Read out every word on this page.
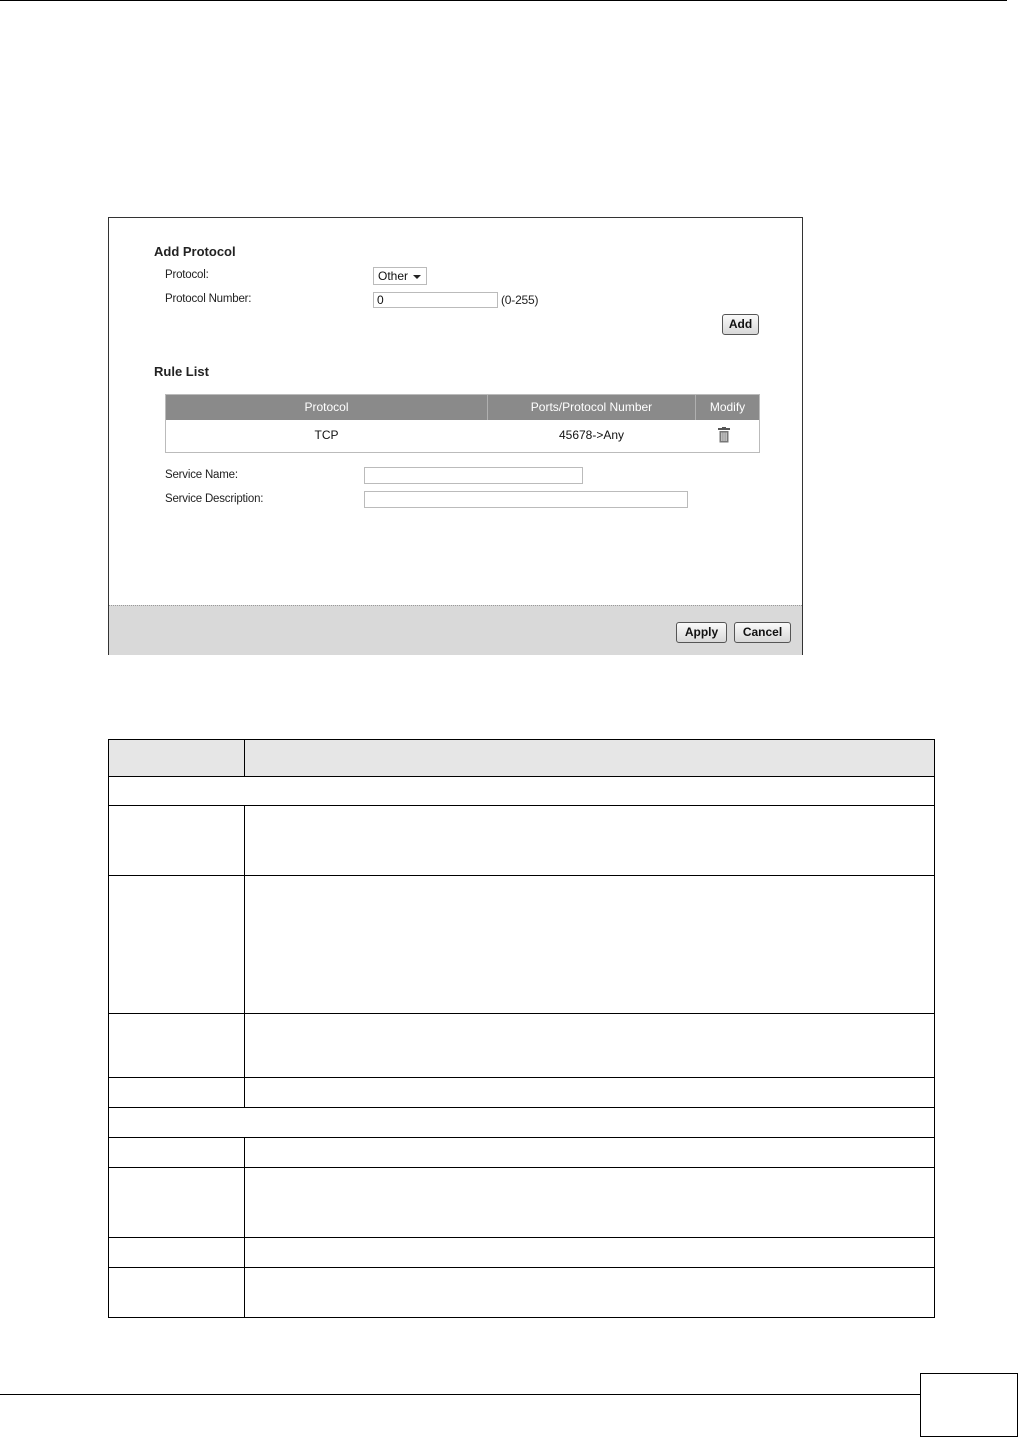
Add Protocol
Protocol:	Other
Protocol Number:	0	(0-255)
Add
Rule List
Protocol	Ports/Protocol Number	Modify
TCP	45678->Any
Service Name:
Service Description:
Apply	Cancel
